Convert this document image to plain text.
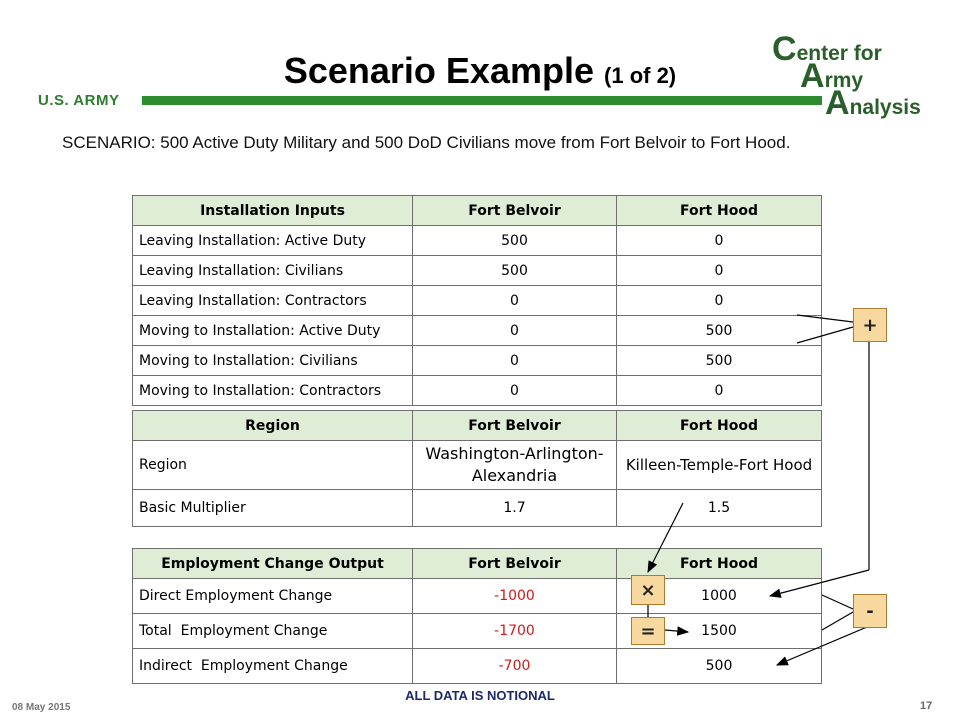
Scenario Example (1 of 2)
U.S. ARMY
Center for
Army
Analysis
SCENARIO: 500 Active Duty Military and 500 DoD Civilians move from Fort Belvoir to Fort Hood.
Installation Inputs	Fort Belvoir	Fort Hood
Leaving Installation: Active Duty	500	0
Leaving Installation: Civilians	500	0
Leaving Installation: Contractors	0	0
Moving to Installation: Active Duty	0	500
Moving to Installation: Civilians	0	500
Moving to Installation: Contractors	0	0
Region	Fort Belvoir	Fort Hood
Region	Washington-Arlington-Alexandria	Killeen-Temple-Fort Hood
Basic Multiplier	1.7	1.5
Employment Change Output	Fort Belvoir	Fort Hood
Direct Employment Change	-1000	1000
Total  Employment Change	-1700	1500
Indirect  Employment Change	-700	500
+
-
×
=
08 May 2015
ALL DATA IS NOTIONAL
17
